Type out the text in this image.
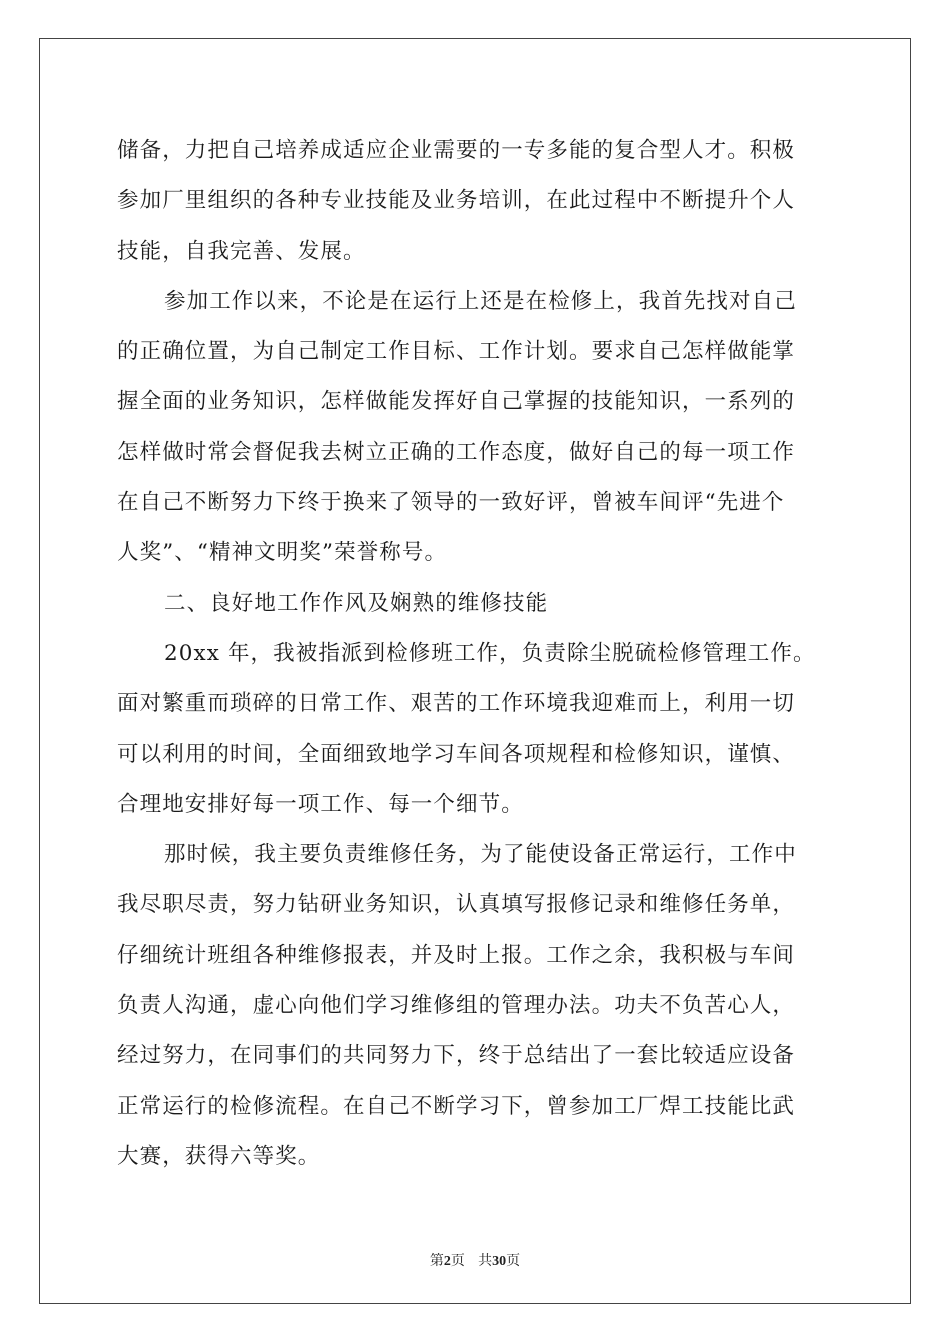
储备，力把自己培养成适应企业需要的一专多能的复合型人才。积极
参加厂里组织的各种专业技能及业务培训，在此过程中不断提升个人
技能，自我完善、发展。
参加工作以来，不论是在运行上还是在检修上，我首先找对自己
的正确位置，为自己制定工作目标、工作计划。要求自己怎样做能掌
握全面的业务知识，怎样做能发挥好自己掌握的技能知识，一系列的
怎样做时常会督促我去树立正确的工作态度，做好自己的每一项工作
在自己不断努力下终于换来了领导的一致好评，曾被车间评“先进个
人奖”、“精神文明奖”荣誉称号。
二、良好地工作作风及娴熟的维修技能
20xx 年，我被指派到检修班工作，负责除尘脱硫检修管理工作。
面对繁重而琐碎的日常工作、艰苦的工作环境我迎难而上，利用一切
可以利用的时间，全面细致地学习车间各项规程和检修知识，谨慎、
合理地安排好每一项工作、每一个细节。
那时候，我主要负责维修任务，为了能使设备正常运行，工作中
我尽职尽责，努力钻研业务知识，认真填写报修记录和维修任务单，
仔细统计班组各种维修报表，并及时上报。工作之余，我积极与车间
负责人沟通，虚心向他们学习维修组的管理办法。功夫不负苦心人，
经过努力，在同事们的共同努力下，终于总结出了一套比较适应设备
正常运行的检修流程。在自己不断学习下，曾参加工厂焊工技能比武
大赛，获得六等奖。
第2页 共30页
